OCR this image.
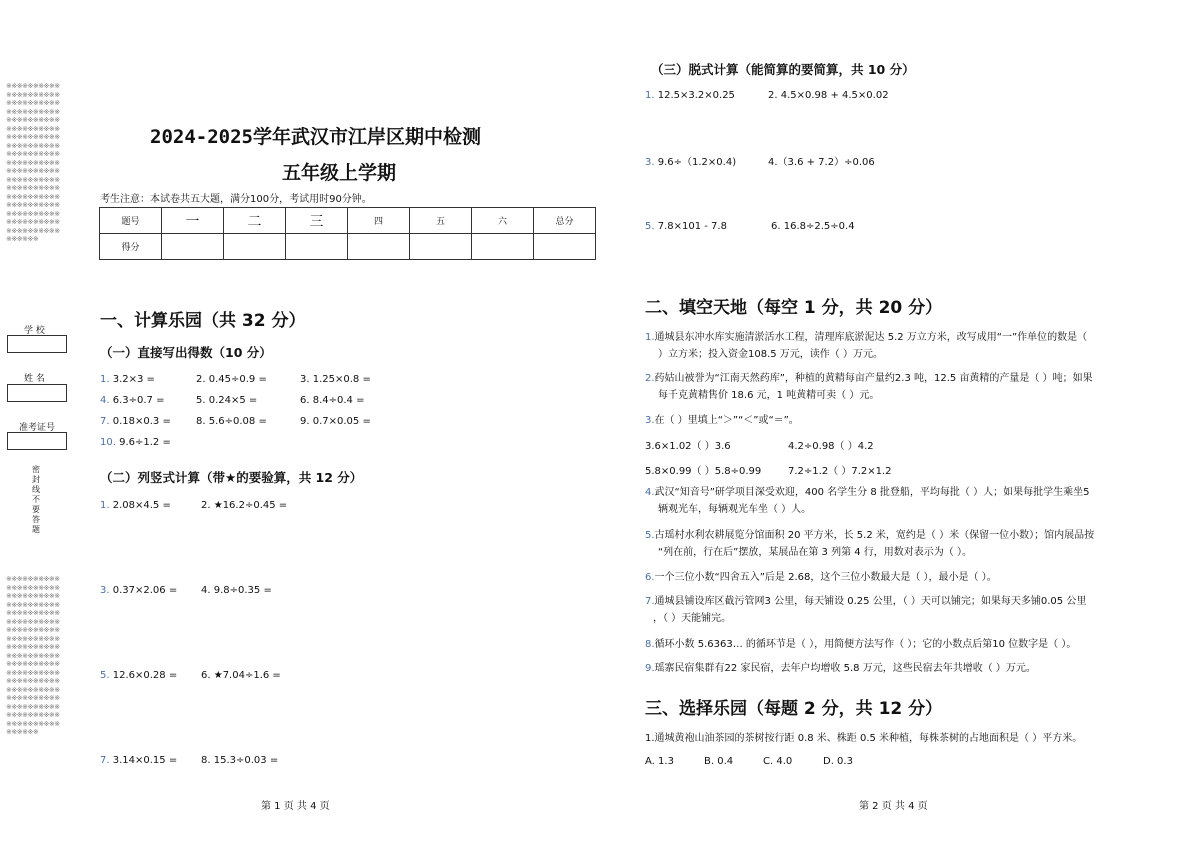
※※※※※※※※※※※※※※※※※※※※※※※※※※※※※※※※※※※※※※※※※※※※※※※※※※※※※※※※※※※※※※※※※※※※※※※※※※※※※※※※※※※※※※※※※※※※※※※※※※※※※※※※※※※※※※※※※※※※※※※※※※※※※※※※※※※※※※※※※※※※※※※※※※※※※※※※※※※※※※※※※※※※※※※※※※※※※※※※※※※※※※※※※※
学 校
姓 名
准考证号
密封线不要答题
※※※※※※※※※※※※※※※※※※※※※※※※※※※※※※※※※※※※※※※※※※※※※※※※※※※※※※※※※※※※※※※※※※※※※※※※※※※※※※※※※※※※※※※※※※※※※※※※※※※※※※※※※※※※※※※※※※※※※※※※※※※※※※※※※※※※※※※※※※※※※※※※※※※※※※※※※※※※※※※※※※※※※※※※※※※※※※※※※※※※※※※※※※
2024-2025学年武汉市江岸区期中检测
五年级上学期
考生注意：本试卷共五大题，满分100分，考试用时90分钟。
题号	一	二	三	四	五	六	总分
得分							
一、计算乐园（共 32 分）
（一）直接写出得数（10 分）
1. 3.2×3 =	2. 0.45÷0.9 =	3. 1.25×0.8 =
4. 6.3÷0.7 =	5. 0.24×5 =	6. 8.4÷0.4 =
7. 0.18×0.3 =	8. 5.6÷0.08 =	9. 0.7×0.05 =
10. 9.6÷1.2 =
（二）列竖式计算（带★的要验算，共 12 分）
1. 2.08×4.5 =	2. ★16.2÷0.45 =
3. 0.37×2.06 = 4. 9.8÷0.35 =
5. 12.6×0.28 = 6. ★7.04÷1.6 =
7. 3.14×0.15 = 8. 15.3÷0.03 =
第 1 页 共 4 页
（三）脱式计算（能简算的要简算，共 10 分）
1. 12.5×3.2×0.25	2. 4.5×0.98 + 4.5×0.02
3. 9.6÷（1.2×0.4)	4.（3.6 + 7.2）÷0.06
5. 7.8×101 - 7.8	6. 16.8÷2.5÷0.4
二、填空天地（每空 1 分，共 20 分）
1.通城县东冲水库实施清淤活水工程，清理库底淤泥达 5.2 万立方米，改写成用“一”作单位的数是（
）立方米；投入资金108.5 万元，读作（ ）万元。
2.药姑山被誉为“江南天然药库”，种植的黄精每亩产量约2.3 吨，12.5 亩黄精的产量是（ ）吨；如果
每千克黄精售价 18.6 元，1 吨黄精可卖（ ）元。
3.在（ ）里填上“＞”“＜”或“＝”。
3.6×1.02（ ）3.6	4.2÷0.98（ ）4.2
5.8×0.99（ ）5.8÷0.99	7.2÷1.2（ ）7.2×1.2
4.武汉“知音号”研学项目深受欢迎，400 名学生分 8 批登船，平均每批（ ）人；如果每批学生乘坐5
辆观光车，每辆观光车坐（ ）人。
5.古瑶村水利农耕展览分馆面积 20 平方米，长 5.2 米，宽约是（ ）米（保留一位小数）；馆内展品按
“列在前，行在后”摆放，某展品在第 3 列第 4 行，用数对表示为（ ）。
6.一个三位小数“四舍五入”后是 2.68，这个三位小数最大是（ ），最小是（ ）。
7.通城县铺设库区截污管网3 公里，每天铺设 0.25 公里，（ ）天可以铺完；如果每天多铺0.05 公里
，（ ）天能铺完。
8.循环小数 5.6363… 的循环节是（ ），用简便方法写作（ ）；它的小数点后第10 位数字是（ ）。
9.瑶寨民宿集群有22 家民宿，去年户均增收 5.8 万元，这些民宿去年共增收（ ）万元。
三、选择乐园（每题 2 分，共 12 分）
1.通城黄袍山油茶园的茶树按行距 0.8 米、株距 0.5 米种植，每株茶树的占地面积是（ ）平方米。
A. 1.3	B. 0.4	C. 4.0	D. 0.3
第 2 页 共 4 页
